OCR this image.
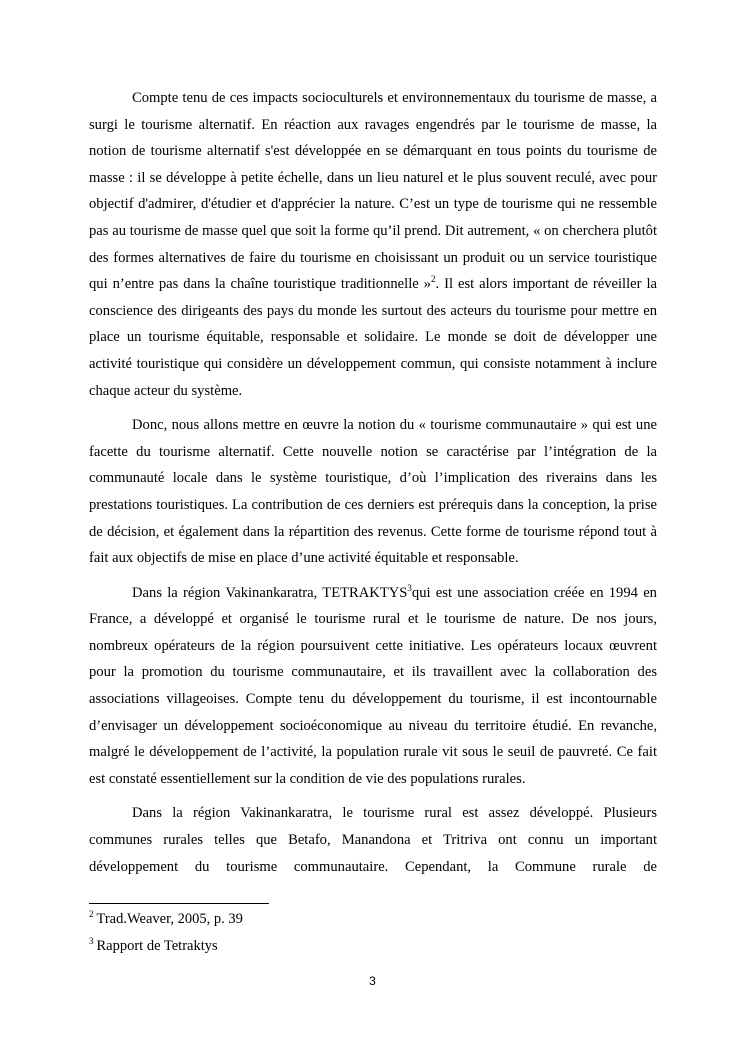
Compte tenu de ces impacts socioculturels et environnementaux du tourisme de masse, a surgi le tourisme alternatif. En réaction aux ravages engendrés par le tourisme de masse, la notion de tourisme alternatif s'est développée en se démarquant en tous points du tourisme de masse : il se développe à petite échelle, dans un lieu naturel et le plus souvent reculé, avec pour objectif d'admirer, d'étudier et d'apprécier la nature. C’est un type de tourisme qui ne ressemble pas au tourisme de masse quel que soit la forme qu’il prend. Dit autrement, « on cherchera plutôt des formes alternatives de faire du tourisme en choisissant un produit ou un service touristique qui n’entre pas dans la chaîne touristique traditionnelle »$^2$. Il est alors important de réveiller la conscience des dirigeants des pays du monde les surtout des acteurs du tourisme pour mettre en place un tourisme équitable, responsable et solidaire. Le monde se doit de développer une activité touristique qui considère un développement commun, qui consiste notamment à inclure chaque acteur du système.

Donc, nous allons mettre en œuvre la notion du « tourisme communautaire » qui est une facette du tourisme alternatif. Cette nouvelle notion se caractérise par l’intégration de la communauté locale dans le système touristique, d’où l’implication des riverains dans les prestations touristiques. La contribution de ces derniers est prérequis dans la conception, la prise de décision, et également dans la répartition des revenus. Cette forme de tourisme répond tout à fait aux objectifs de mise en place d’une activité équitable et responsable.

Dans la région Vakinankaratra, TETRAKTYS$^3$qui est une association créée en 1994 en France, a développé et organisé le tourisme rural et le tourisme de nature. De nos jours, nombreux opérateurs de la région poursuivent cette initiative. Les opérateurs locaux œuvrent pour la promotion du tourisme communautaire, et ils travaillent avec la collaboration des associations villageoises. Compte tenu du développement du tourisme, il est incontournable d’envisager un développement socioéconomique au niveau du territoire étudié. En revanche, malgré le développement de l’activité, la population rurale vit sous le seuil de pauvreté. Ce fait est constaté essentiellement sur la condition de vie des populations rurales.

Dans la région Vakinankaratra, le tourisme rural est assez développé. Plusieurs communes rurales telles que Betafo, Manandona et Tritriva ont connu un important développement du tourisme communautaire. Cependant, la Commune rurale de

$^2$ Trad.Weaver, 2005, p. 39
$^3$ Rapport de Tetraktys
3
